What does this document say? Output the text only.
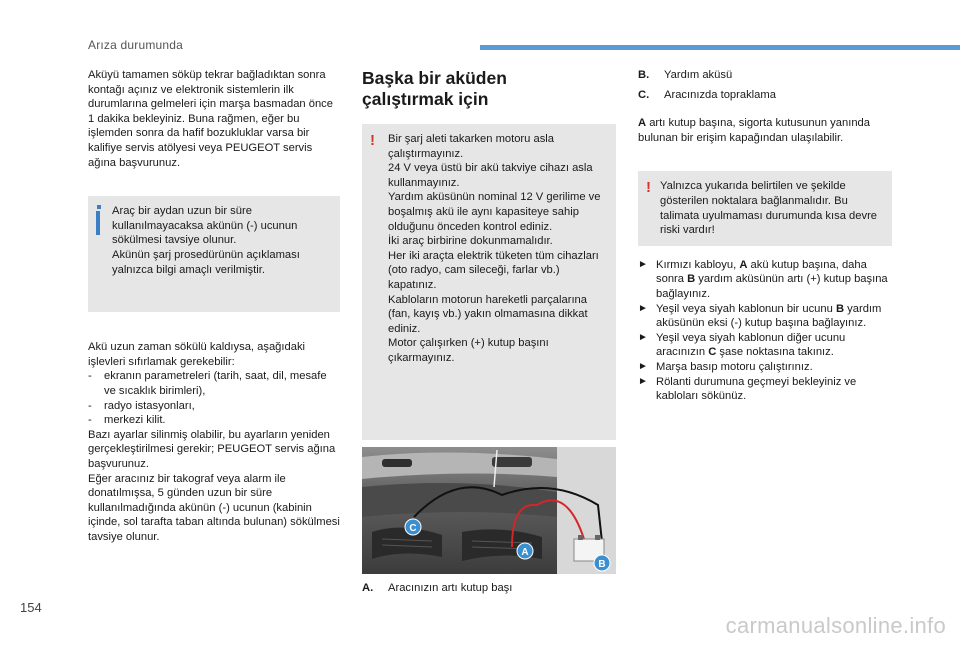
Arıza durumunda

Aküyü tamamen söküp tekrar bağladıktan sonra kontağı açınız ve elektronik sistemlerin ilk durumlarına gelmeleri için marşa basmadan önce 1 dakika bekleyiniz. Buna rağmen, eğer bu işlemden sonra da hafif bozukluklar varsa bir kalifiye servis atölyesi veya PEUGEOT servis ağına başvurunuz.

Araç bir aydan uzun bir süre kullanılmayacaksa akünün (-) ucunun sökülmesi tavsiye olunur.

Akünün şarj prosedürünün açıklaması yalnızca bilgi amaçlı verilmiştir.

Akü uzun zaman sökülü kaldıysa, aşağıdaki işlevleri sıfırlamak gerekebilir:

- ekranın parametreleri (tarih, saat, dil, mesafe ve sıcaklık birimleri),
- radyo istasyonları,
- merkezi kilit.

Bazı ayarlar silinmiş olabilir, bu ayarların yeniden gerçekleştirilmesi gerekir; PEUGEOT servis ağına başvurunuz.

Eğer aracınız bir takograf veya alarm ile donatılmışsa, 5 günden uzun bir süre kullanılmadığında akünün (-) ucunun (kabinin içinde, sol tarafta taban altında bulunan) sökülmesi tavsiye olunur.

Başka bir aküden
çalıştırmak için
! Bir şarj aleti takarken motoru asla çalıştırmayınız.

24 V veya üstü bir akü takviye cihazı asla kullanmayınız.

Yardım aküsünün nominal 12 V gerilime ve boşalmış akü ile aynı kapasiteye sahip olduğunu önceden kontrol ediniz.

İki araç birbirine dokunmamalıdır.

Her iki araçta elektrik tüketen tüm cihazları (oto radyo, cam sileceği, farlar vb.) kapatınız.

Kabloların motorun hareketli parçalarına (fan, kayış vb.) yakın olmamasına dikkat ediniz.

Motor çalışırken (+) kutup başını çıkarmayınız.

C
A
B
A.	Aracınızın artı kutup başı
B.	Yardım aküsü
C.	Aracınızda topraklama

A artı kutup başına, sigorta kutusunun yanında bulunan bir erişim kapağından ulaşılabilir.

! Yalnızca yukarıda belirtilen ve şekilde gösterilen noktalara bağlanmalıdır. Bu talimata uyulmaması durumunda kısa devre riski vardır!

► Kırmızı kabloyu, A akü kutup başına, daha sonra B yardım aküsünün artı (+) kutup başına bağlayınız.
► Yeşil veya siyah kablonun bir ucunu B yardım aküsünün eksi (-) kutup başına bağlayınız.
► Yeşil veya siyah kablonun diğer ucunu aracınızın C şase noktasına takınız.
► Marşa basıp motoru çalıştırınız.
► Rölanti durumuna geçmeyi bekleyiniz ve kabloları sökünüz.
154
carmanualsonline.info
